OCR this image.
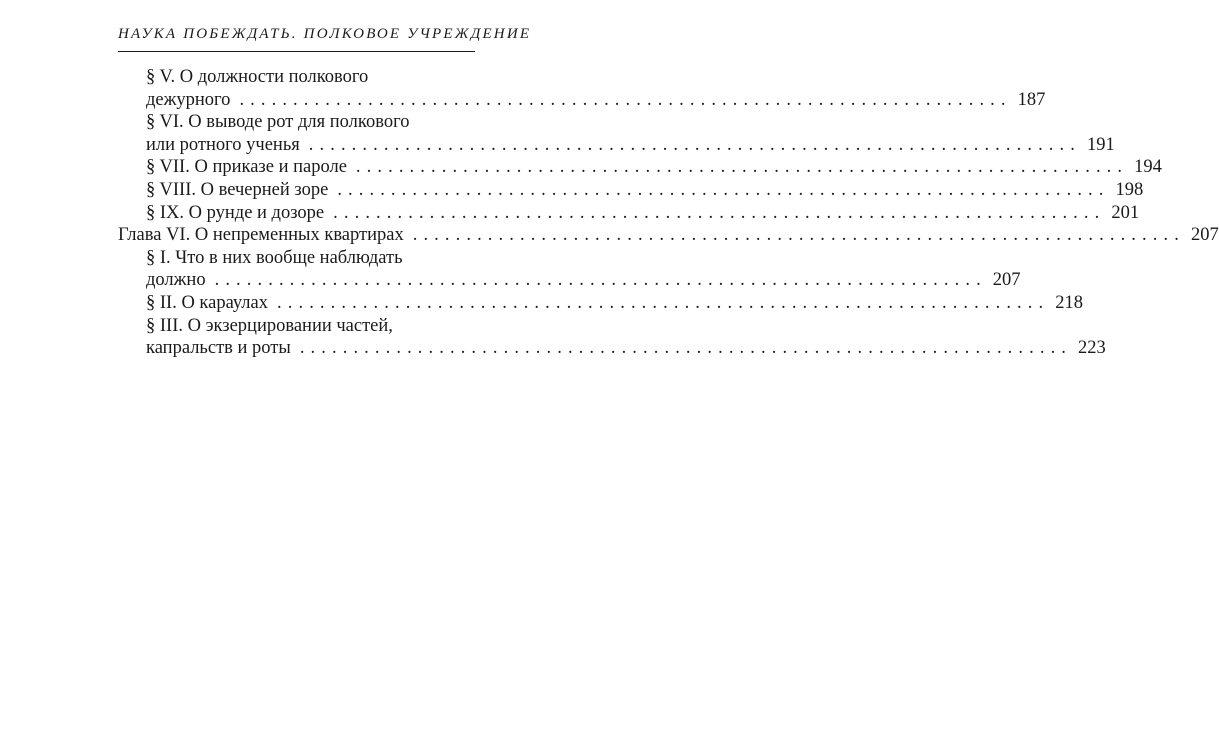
НАУКА ПОБЕЖДАТЬ. ПОЛКОВОЕ УЧРЕЖДЕНИЕ
§ V. О должности полкового
дежурного ........................................................................ 187
§ VI. О выводе рот для полкового
или ротного ученья ........................................................................ 191
§ VII. О приказе и пароле ........................................................................ 194
§ VIII. О вечерней зоре ........................................................................ 198
§ IX. О рунде и дозоре ........................................................................ 201
Глава VI. О непременных квартирах ........................................................................ 207
§ I. Что в них вообще наблюдать
должно ........................................................................ 207
§ II. О караулах ........................................................................ 218
§ III. О экзерцировании частей,
капральств и роты ........................................................................ 223
